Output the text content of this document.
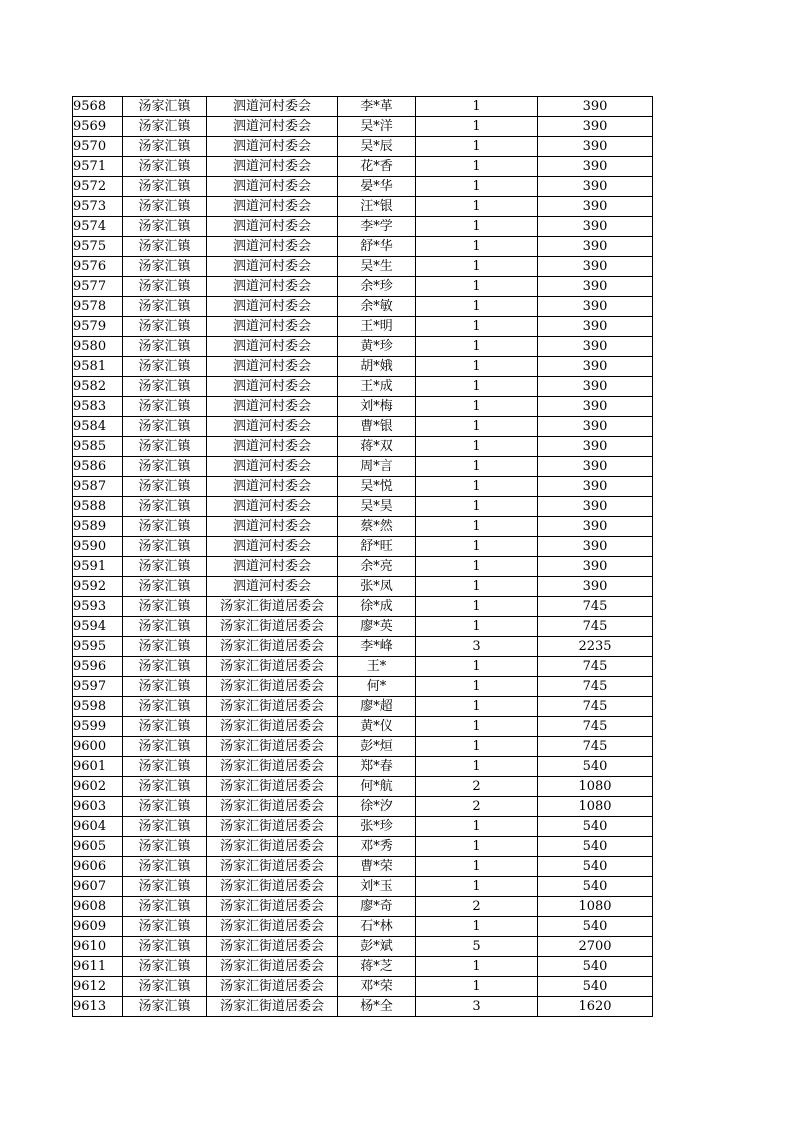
9568	汤家汇镇	泗道河村委会	李*革	1	390
9569	汤家汇镇	泗道河村委会	吴*洋	1	390
9570	汤家汇镇	泗道河村委会	吴*辰	1	390
9571	汤家汇镇	泗道河村委会	花*香	1	390
9572	汤家汇镇	泗道河村委会	晏*华	1	390
9573	汤家汇镇	泗道河村委会	汪*银	1	390
9574	汤家汇镇	泗道河村委会	李*学	1	390
9575	汤家汇镇	泗道河村委会	舒*华	1	390
9576	汤家汇镇	泗道河村委会	吴*生	1	390
9577	汤家汇镇	泗道河村委会	余*珍	1	390
9578	汤家汇镇	泗道河村委会	余*敏	1	390
9579	汤家汇镇	泗道河村委会	王*明	1	390
9580	汤家汇镇	泗道河村委会	黄*珍	1	390
9581	汤家汇镇	泗道河村委会	胡*娥	1	390
9582	汤家汇镇	泗道河村委会	王*成	1	390
9583	汤家汇镇	泗道河村委会	刘*梅	1	390
9584	汤家汇镇	泗道河村委会	曹*银	1	390
9585	汤家汇镇	泗道河村委会	蒋*双	1	390
9586	汤家汇镇	泗道河村委会	周*言	1	390
9587	汤家汇镇	泗道河村委会	吴*悦	1	390
9588	汤家汇镇	泗道河村委会	吴*昊	1	390
9589	汤家汇镇	泗道河村委会	蔡*然	1	390
9590	汤家汇镇	泗道河村委会	舒*旺	1	390
9591	汤家汇镇	泗道河村委会	余*亮	1	390
9592	汤家汇镇	泗道河村委会	张*凤	1	390
9593	汤家汇镇	汤家汇街道居委会	徐*成	1	745
9594	汤家汇镇	汤家汇街道居委会	廖*英	1	745
9595	汤家汇镇	汤家汇街道居委会	李*峰	3	2235
9596	汤家汇镇	汤家汇街道居委会	王*	1	745
9597	汤家汇镇	汤家汇街道居委会	何*	1	745
9598	汤家汇镇	汤家汇街道居委会	廖*超	1	745
9599	汤家汇镇	汤家汇街道居委会	黄*仪	1	745
9600	汤家汇镇	汤家汇街道居委会	彭*烜	1	745
9601	汤家汇镇	汤家汇街道居委会	郑*春	1	540
9602	汤家汇镇	汤家汇街道居委会	何*航	2	1080
9603	汤家汇镇	汤家汇街道居委会	徐*汐	2	1080
9604	汤家汇镇	汤家汇街道居委会	张*珍	1	540
9605	汤家汇镇	汤家汇街道居委会	邓*秀	1	540
9606	汤家汇镇	汤家汇街道居委会	曹*荣	1	540
9607	汤家汇镇	汤家汇街道居委会	刘*玉	1	540
9608	汤家汇镇	汤家汇街道居委会	廖*奇	2	1080
9609	汤家汇镇	汤家汇街道居委会	石*林	1	540
9610	汤家汇镇	汤家汇街道居委会	彭*斌	5	2700
9611	汤家汇镇	汤家汇街道居委会	蒋*芝	1	540
9612	汤家汇镇	汤家汇街道居委会	邓*荣	1	540
9613	汤家汇镇	汤家汇街道居委会	杨*全	3	1620
